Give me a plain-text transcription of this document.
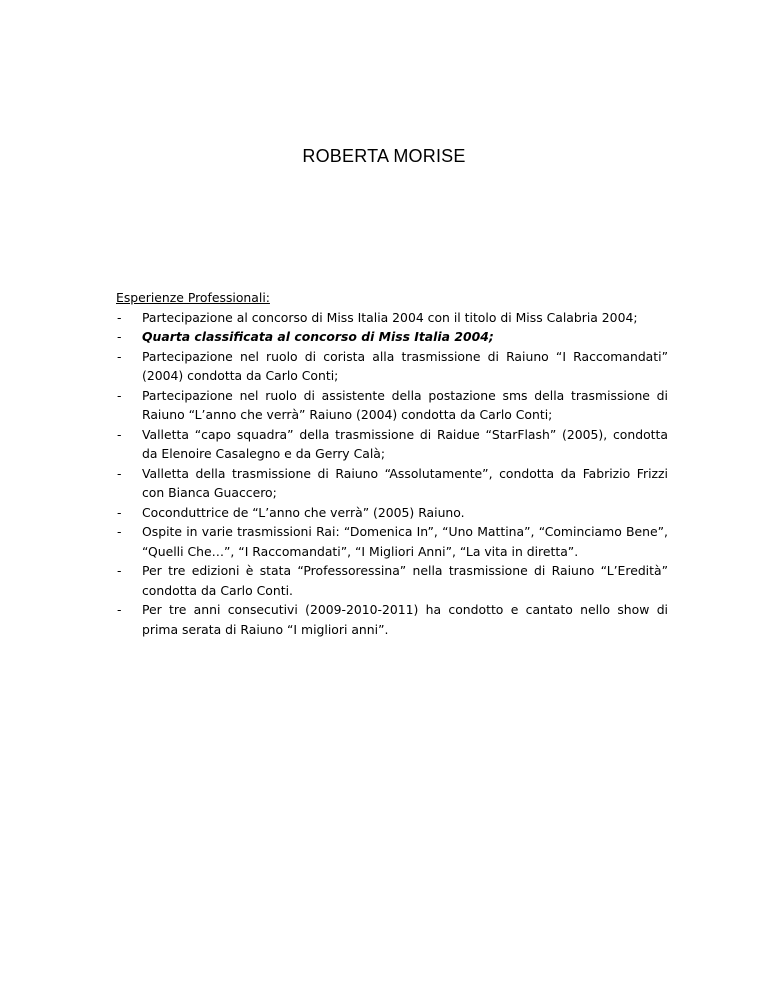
ROBERTA MORISE
Esperienze Professionali:
- Partecipazione al concorso di Miss Italia 2004 con il titolo di Miss Calabria 2004;
- Quarta classificata al concorso di Miss Italia 2004;
- Partecipazione nel ruolo di corista alla trasmissione di Raiuno “I Raccomandati” (2004) condotta da Carlo Conti;
- Partecipazione nel ruolo di assistente della postazione sms della trasmissione di Raiuno “L’anno che verrà” Raiuno (2004) condotta da Carlo Conti;
- Valletta “capo squadra” della trasmissione di Raidue “StarFlash” (2005), condotta da Elenoire Casalegno e da Gerry Calà;
- Valletta della trasmissione di Raiuno “Assolutamente”, condotta da Fabrizio Frizzi con Bianca Guaccero;
- Coconduttrice de “L’anno che verrà” (2005) Raiuno.
- Ospite in varie trasmissioni Rai: “Domenica In”, “Uno Mattina”, “Cominciamo Bene”, “Quelli Che…”, “I Raccomandati”, “I Migliori Anni”, “La vita in diretta”.
- Per tre edizioni è stata “Professoressina” nella trasmissione di Raiuno “L’Eredità” condotta da Carlo Conti.
- Per tre anni consecutivi (2009-2010-2011) ha condotto e cantato nello show di prima serata di Raiuno “I migliori anni”.
